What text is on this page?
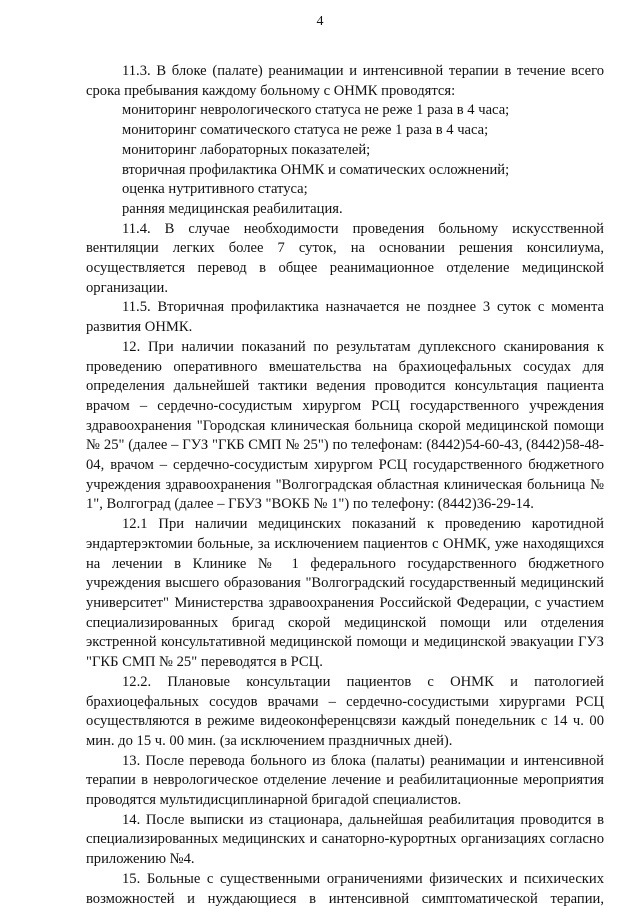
4

11.3. В блоке (палате) реанимации и интенсивной терапии в течение всего срока пребывания каждому больному с ОНМК проводятся:

мониторинг неврологического статуса не реже 1 раза в 4 часа;

мониторинг соматического статуса не реже 1 раза в 4 часа;

мониторинг лабораторных показателей;

вторичная профилактика ОНМК и соматических осложнений;

оценка нутритивного статуса;

ранняя медицинская реабилитация.

11.4. В случае необходимости проведения больному искусственной вентиляции легких более 7 суток, на основании решения консилиума, осуществляется перевод в общее реанимационное отделение медицинской организации.

11.5. Вторичная профилактика назначается не позднее 3 суток с момента развития ОНМК.

12. При наличии показаний по результатам дуплексного сканирования к проведению оперативного вмешательства на брахиоцефальных сосудах для определения дальнейшей тактики ведения проводится консультация пациента врачом – сердечно-сосудистым хирургом РСЦ государственного учреждения здравоохранения "Городская клиническая больница скорой медицинской помощи № 25" (далее – ГУЗ "ГКБ СМП № 25") по телефонам: (8442)54-60-43, (8442)58-48-04, врачом – сердечно-сосудистым хирургом РСЦ государственного бюджетного учреждения здравоохранения "Волгоградская областная клиническая больница № 1", Волгоград (далее – ГБУЗ "ВОКБ № 1") по телефону: (8442)36-29-14.

12.1 При наличии медицинских показаний к проведению каротидной эндартерэктомии больные, за исключением пациентов с ОНМК, уже находящихся на лечении в Клинике № 1 федерального государственного бюджетного учреждения высшего образования "Волгоградский государственный медицинский университет" Министерства здравоохранения Российской Федерации, с участием специализированных бригад скорой медицинской помощи или отделения экстренной консультативной медицинской помощи и медицинской эвакуации ГУЗ "ГКБ СМП № 25" переводятся в РСЦ.

12.2. Плановые консультации пациентов с ОНМК и патологией брахиоцефальных сосудов врачами – сердечно-сосудистыми хирургами РСЦ осуществляются в режиме видеоконференцсвязи каждый понедельник с 14 ч. 00 мин. до 15 ч. 00 мин. (за исключением праздничных дней).

13. После перевода больного из блока (палаты) реанимации и интенсивной терапии в неврологическое отделение лечение и реабилитационные мероприятия проводятся мультидисциплинарной бригадой специалистов.

14. После выписки из стационара, дальнейшая реабилитация проводится в специализированных медицинских и санаторно-курортных организациях согласно приложению №4.

15. Больные с существенными ограничениями физических и психических возможностей и нуждающиеся в интенсивной симптоматической терапии,
